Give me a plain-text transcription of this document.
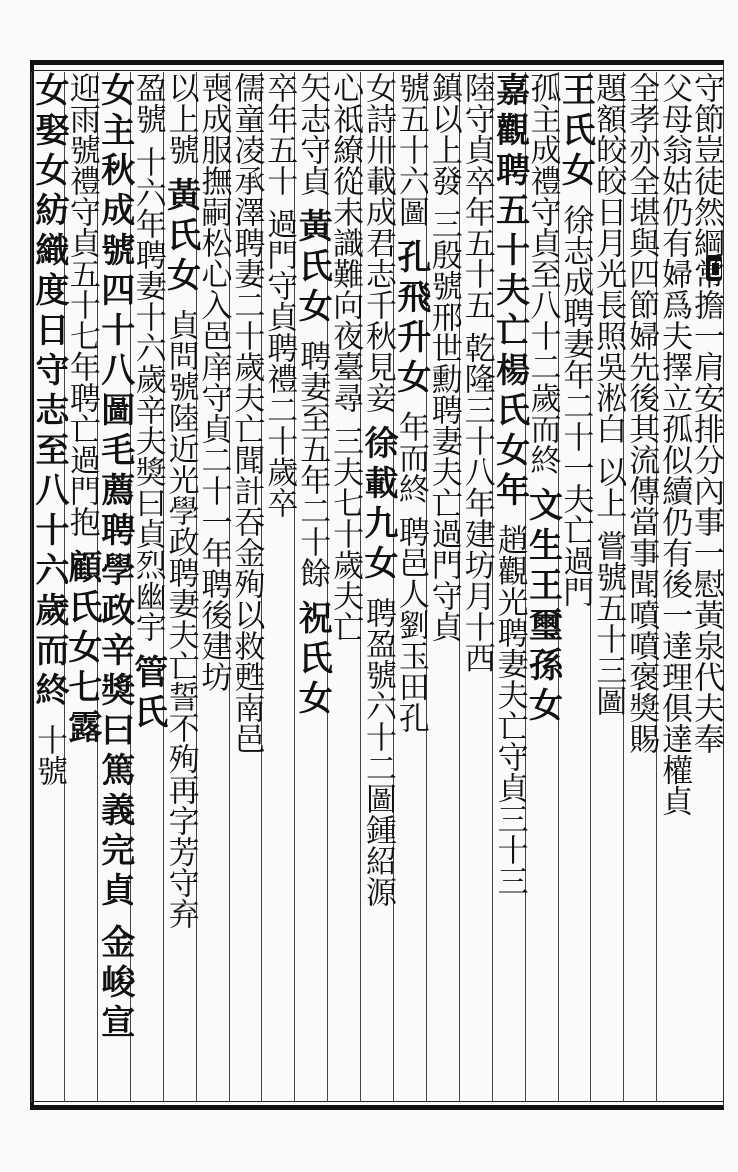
守節豈徒然綱常擔一肩安排分內事一慰黃泉代夫奉
父母翁姑仍有婦爲夫擇立孤似續仍有後一達理俱達權貞
全孝亦全堪與四節婦先後其流傳當事聞噴噴褒獎賜
題額皎皎日月光長照吳淞白
以上
嘗號五十三圖
王氏女
徐志成聘妻年二十一夫亡過門
孤主成禮守貞至八十二歲而終
文生王璽孫女
嘉觀聘五十夫亡楊氏女年
趙觀光聘妻夫亡守貞三十三
陸守貞卒年五十五
乾隆三十八年建坊月十西
鎮以上發
三殷號邢世勳聘妻夫亡過門守貞
號五十六圖
孔飛升女
年而終
聘邑人劉玉田孔
女詩卅載成君志千秋見妾
徐載九女
聘盈號六十二圖鍾紹源
心祗繚從未識難向夜臺尋
三夫七十歲夫亡
矢志守貞
黃氏女
聘妻至五年二十餘
祝氏女
卒年五十
過門守貞聘禮二十歲卒
儒童凌承澤聘妻二十歲夫亡聞計吞金殉以救甦南邑
喪成服撫嗣松心入邑庠守貞二十一年聘後建坊
以上號
黃氏女
貞問號陸近光學政聘妻夫亡誓不殉再字芳守弃
盈號
十六年聘妻十六歲辛夫獎曰貞烈幽宇
管氏
女主秋成號四十八圖毛薦聘學政辛獎曰篤義完貞
金峻宣
迎雨號禮守貞五十七年聘亡過門抱
顧氏女七露
女娶女紡織度日守志至八十六歲而終
十號
